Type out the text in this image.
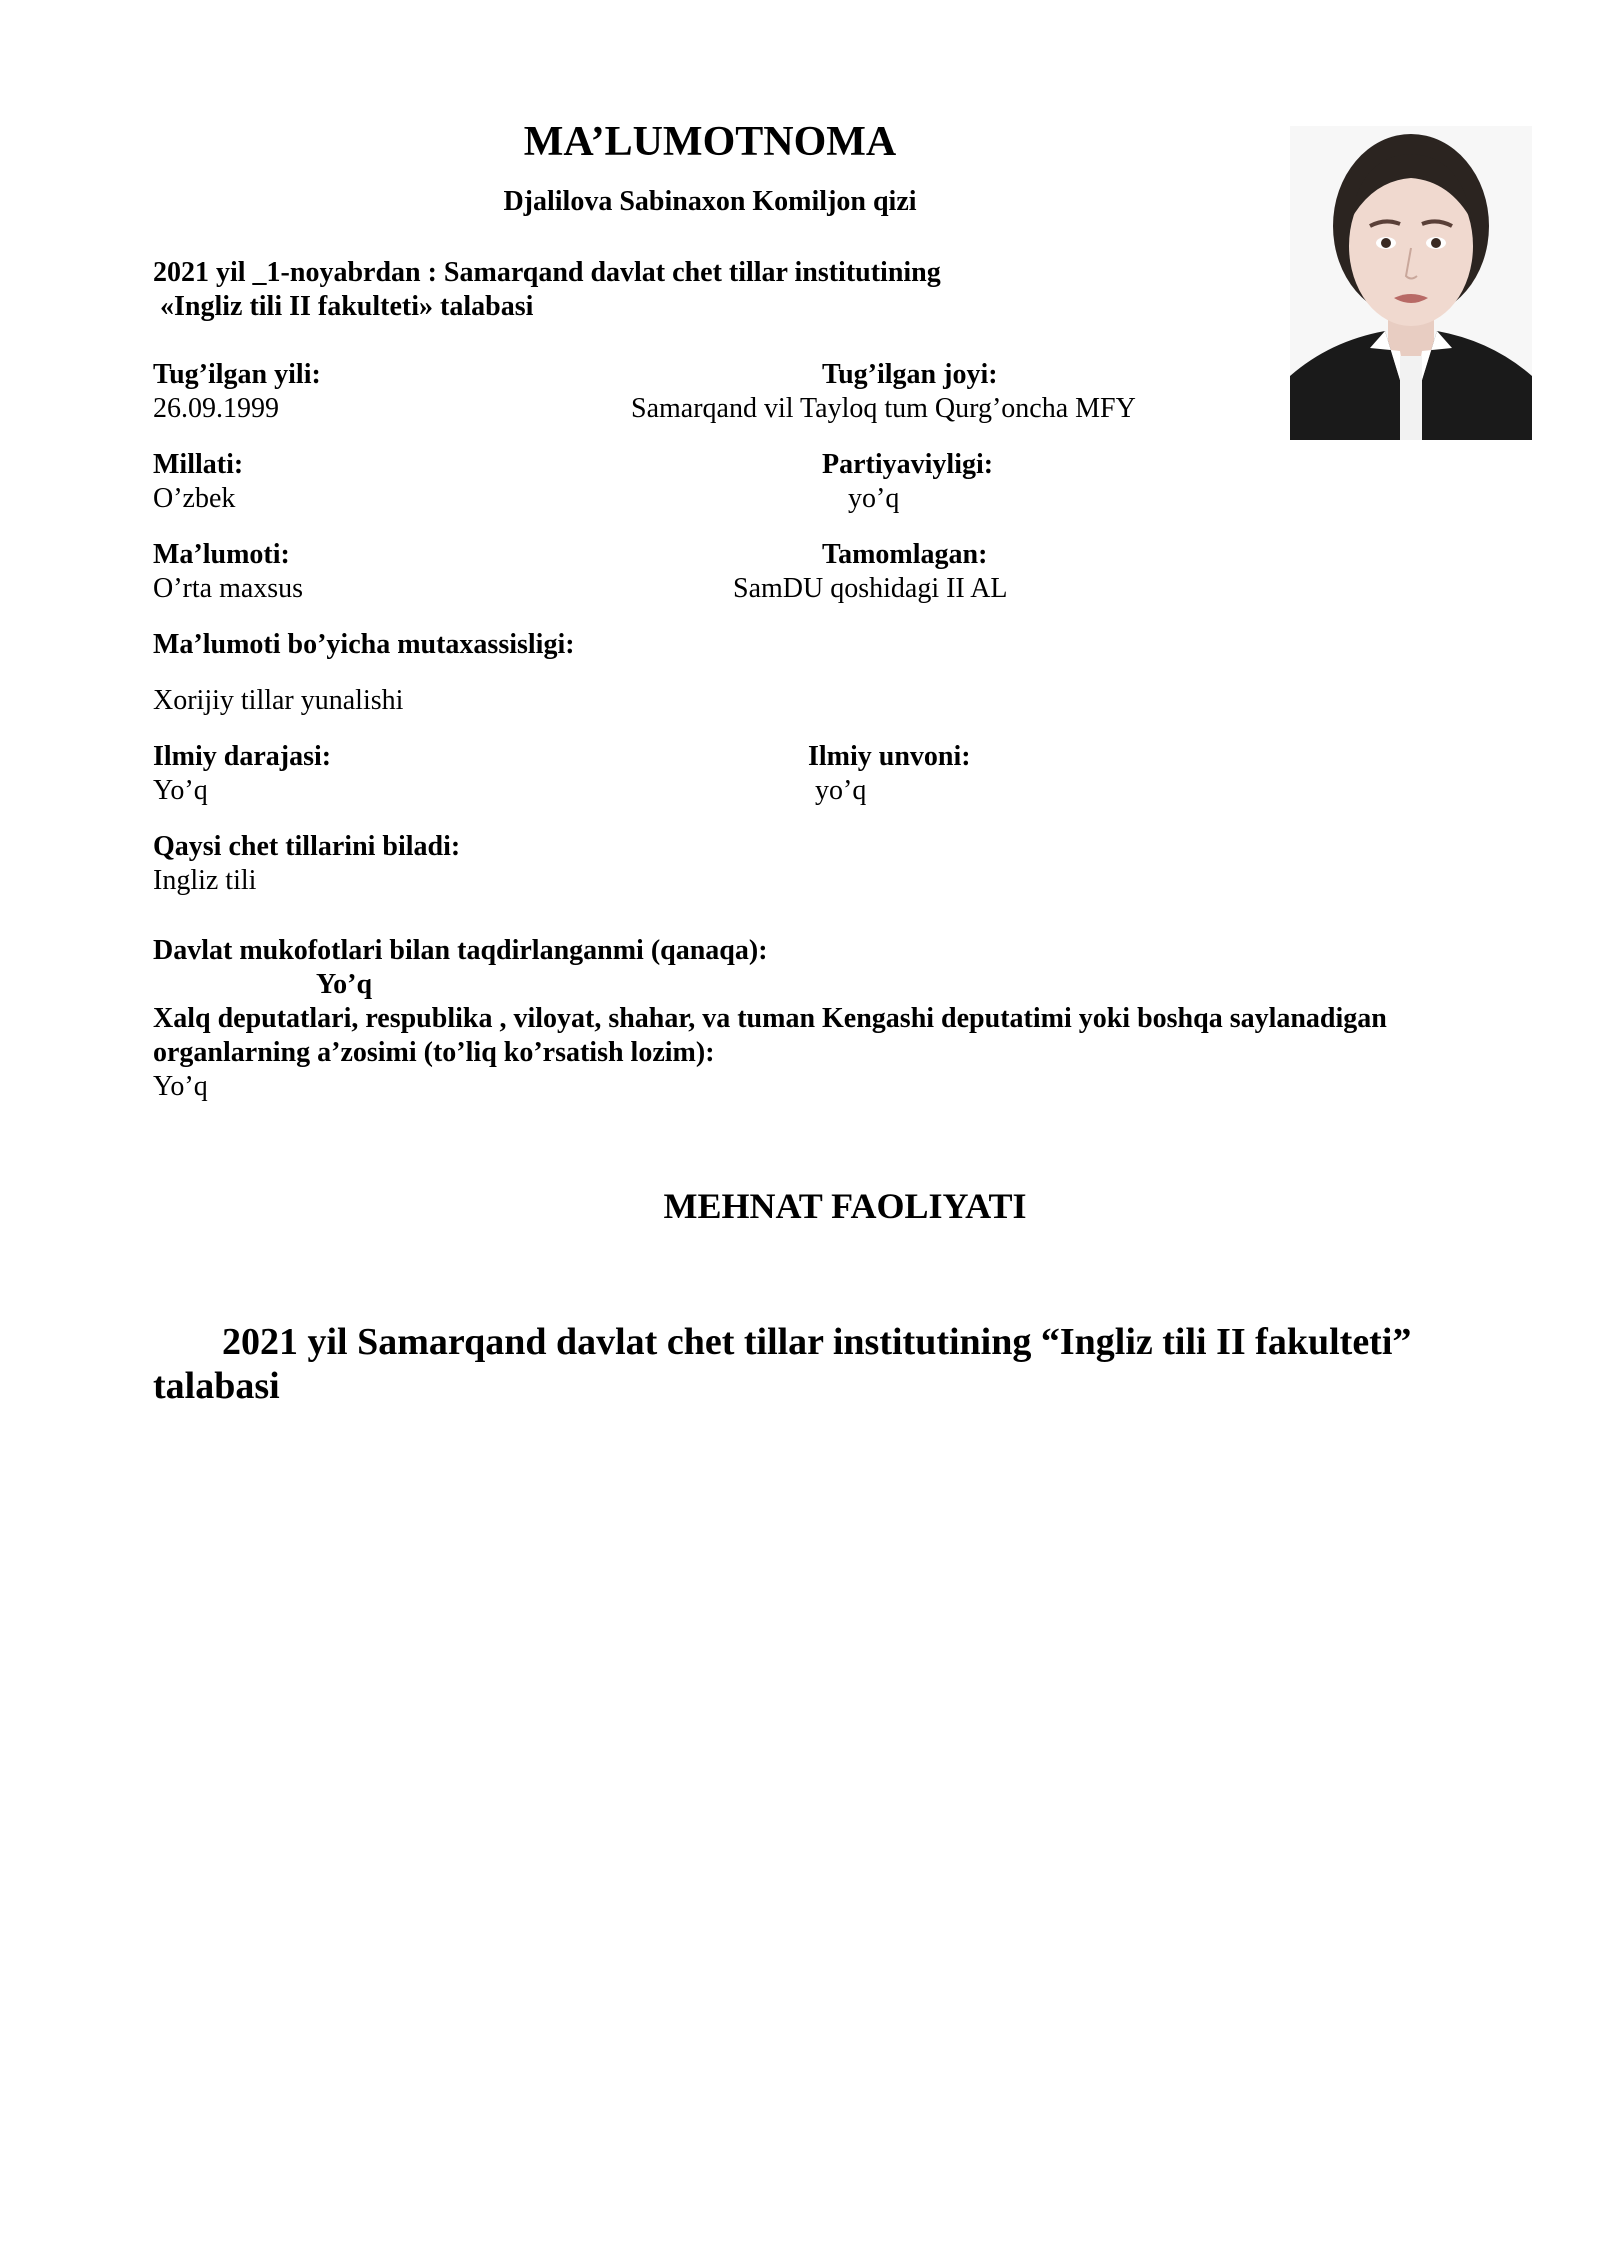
MA’LUMOTNOMA
Djalilova Sabinaxon Komiljon qizi
2021 yil _1-noyabrdan : Samarqand davlat chet tillar institutining
«Ingliz tili II fakulteti» talabasi
Tug’ilgan yili:
26.09.1999
Tug’ilgan joyi:
Samarqand vil Tayloq tum Qurg’oncha MFY
Millati:
O’zbek
Partiyaviyligi:
yo’q
Ma’lumoti:
O’rta maxsus
Tamomlagan:
SamDU qoshidagi II AL
Ma’lumoti bo’yicha mutaxassisligi:
Xorijiy tillar yunalishi
Ilmiy darajasi:
Yo’q
Ilmiy unvoni:
yo’q
Qaysi chet tillarini biladi:
Ingliz tili
Davlat mukofotlari bilan taqdirlanganmi (qanaqa):
Yo’q
Xalq deputatlari, respublika , viloyat, shahar, va tuman Kengashi deputatimi yoki boshqa saylanadigan
organlarning a’zosimi (to’liq ko’rsatish lozim):
Yo’q
MEHNAT FAOLIYATI
2021 yil Samarqand davlat chet tillar institutining “Ingliz tili II fakulteti”
talabasi
